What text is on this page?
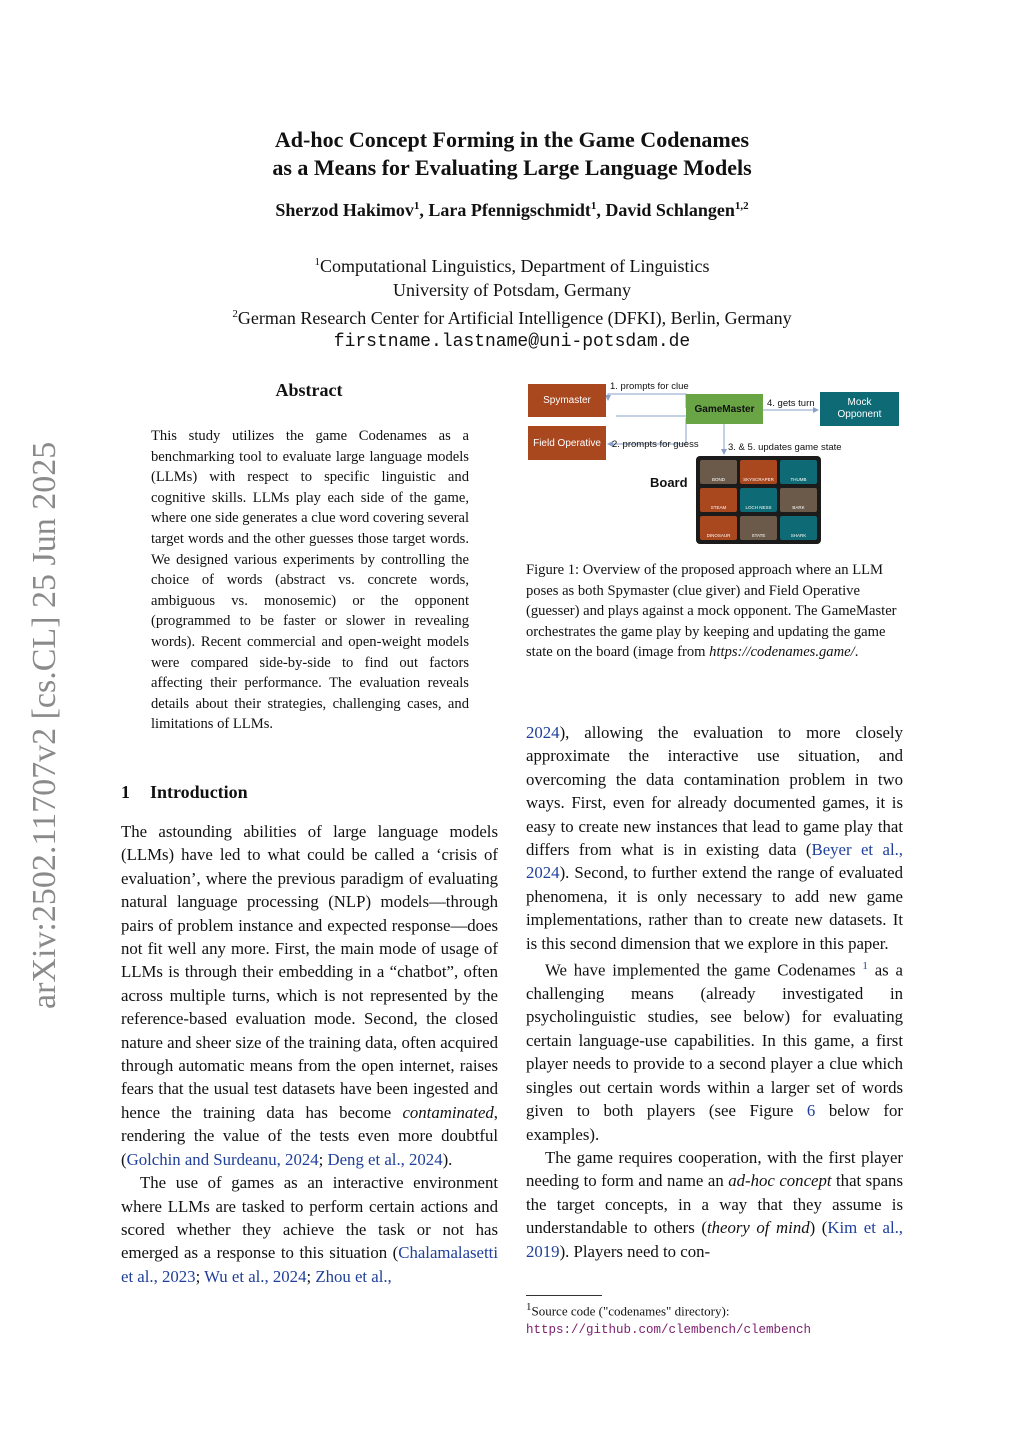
Ad-hoc Concept Forming in the Game Codenames
as a Means for Evaluating Large Language Models
Sherzod Hakimov$^1$, Lara Pfennigschmidt$^1$, David Schlangen$^{1,2}$
$^1$Computational Linguistics, Department of Linguistics
University of Potsdam, Germany
$^2$German Research Center for Artificial Intelligence (DFKI), Berlin, Germany
firstname.lastname@uni-potsdam.de
arXiv:2502.11707v2 [cs.CL] 25 Jun 2025
Abstract
This study utilizes the game Codenames as a benchmarking tool to evaluate large language models (LLMs) with respect to specific linguistic and cognitive skills. LLMs play each side of the game, where one side generates a clue word covering several target words and the other guesses those target words. We designed various experiments by controlling the choice of words (abstract vs. concrete words, ambiguous vs. monosemic) or the opponent (programmed to be faster or slower in revealing words). Recent commercial and open-weight models were compared side-by-side to find out factors affecting their performance. The evaluation reveals details about their strategies, challenging cases, and limitations of LLMs.
1 Introduction

The astounding abilities of large language models (LLMs) have led to what could be called a ‘crisis of evaluation’, where the previous paradigm of evaluating natural language processing (NLP) models—through pairs of problem instance and expected response—does not fit well any more. First, the main mode of usage of LLMs is through their embedding in a “chatbot”, often across multiple turns, which is not represented by the reference-based evaluation mode. Second, the closed nature and sheer size of the training data, often acquired through automatic means from the open internet, raises fears that the usual test datasets have been ingested and hence the training data has become contaminated, rendering the value of the tests even more doubtful (Golchin and Surdeanu, 2024; Deng et al., 2024).

The use of games as an interactive environment where LLMs are tasked to perform certain actions and scored whether they achieve the task or not has emerged as a response to this situation (Chalamalasetti et al., 2023; Wu et al., 2024; Zhou et al.,

Spymaster
Field Operative
GameMaster
Mock
Opponent
1. prompts for clue
2. prompts for guess
4. gets turn
3. & 5. updates game state
Board	BOND	SKYSCRAPER	THUMB
STEAM	LOCH NESS	BARK
DINOSAUR	STATE	SHARK
Figure 1: Overview of the proposed approach where an LLM poses as both Spymaster (clue giver) and Field Operative (guesser) and plays against a mock opponent. The GameMaster orchestrates the game play by keeping and updating the game state on the board (image from https://codenames.game/.

2024), allowing the evaluation to more closely approximate the interactive use situation, and overcoming the data contamination problem in two ways. First, even for already documented games, it is easy to create new instances that lead to game play that differs from what is in existing data (Beyer et al., 2024). Second, to further extend the range of evaluated phenomena, it is only necessary to add new game implementations, rather than to create new datasets. It is this second dimension that we explore in this paper.

We have implemented the game Codenames $^1$ as a challenging means (already investigated in psycholinguistic studies, see below) for evaluating certain language-use capabilities. In this game, a first player needs to provide to a second player a clue which singles out certain words within a larger set of words given to both players (see Figure 6 below for examples).

The game requires cooperation, with the first player needing to form and name an ad-hoc concept that spans the target concepts, in a way that they assume is understandable to others (theory of mind) (Kim et al., 2019). Players need to con-

$^1$Source code ("codenames" directory): https://github.com/clembench/clembench
